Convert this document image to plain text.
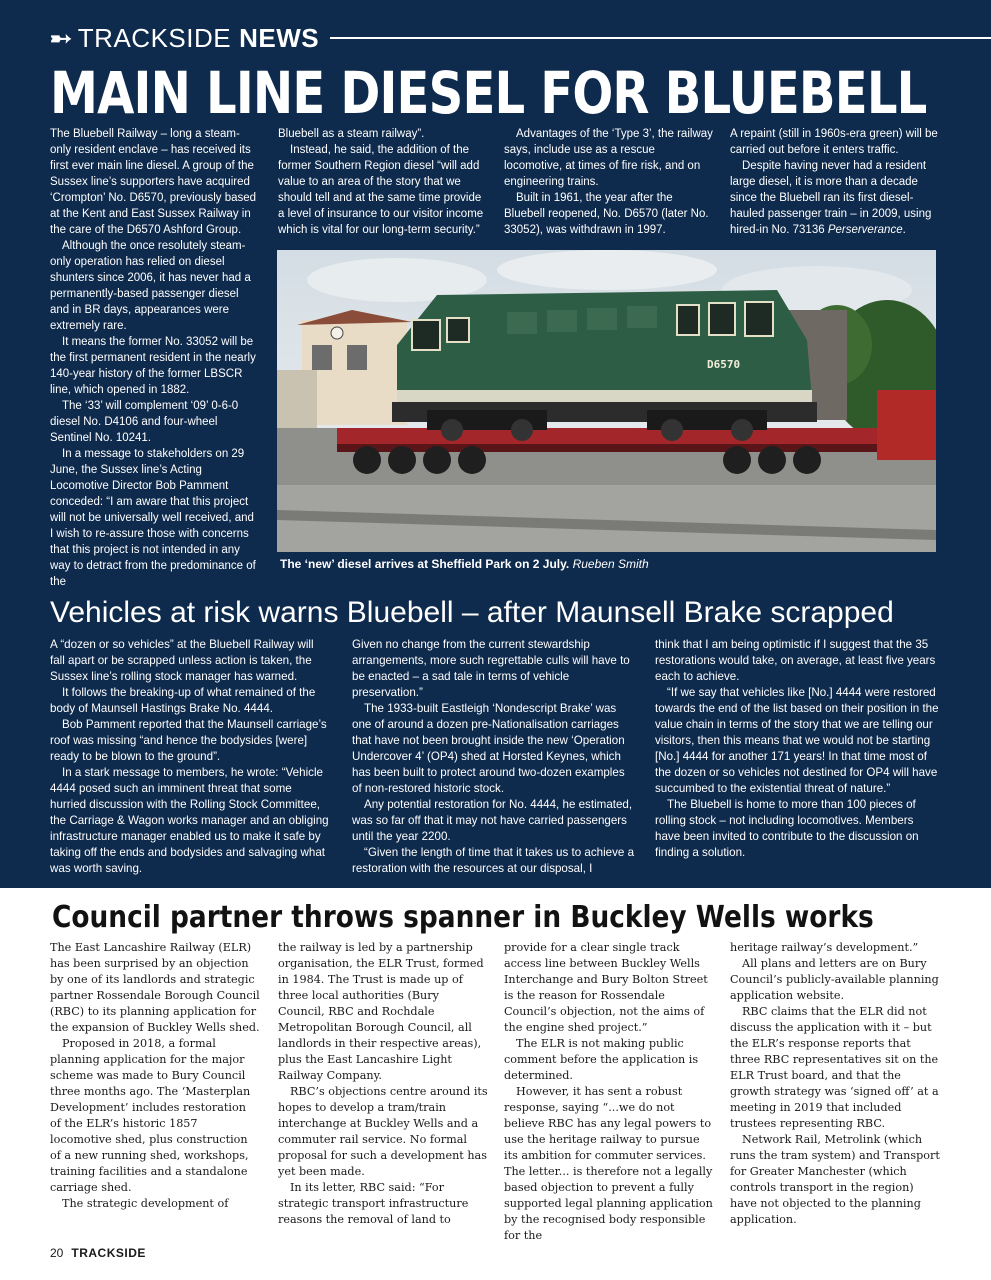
➸ TRACKSIDE NEWS
MAIN LINE DIESEL FOR BLUEBELL

The Bluebell Railway – long a steam-only resident enclave – has received its first ever main line diesel. A group of the Sussex line’s supporters have acquired ‘Crompton’ No. D6570, previously based at the Kent and East Sussex Railway in the care of the D6570 Ashford Group.

Although the once resolutely steam-only operation has relied on diesel shunters since 2006, it has never had a permanently-based passenger diesel and in BR days, appearances were extremely rare.

It means the former No. 33052 will be the first permanent resident in the nearly 140-year history of the former LBSCR line, which opened in 1882.

The ‘33’ will complement ‘09’ 0-6-0 diesel No. D4106 and four-wheel Sentinel No. 10241.

In a message to stakeholders on 29 June, the Sussex line’s Acting Locomotive Director Bob Pamment conceded: “I am aware that this project will not be universally well received, and I wish to re-assure those with concerns that this project is not intended in any way to detract from the predominance of the

Bluebell as a steam railway”.

Instead, he said, the addition of the former Southern Region diesel “will add value to an area of the story that we should tell and at the same time provide a level of insurance to our visitor income which is vital for our long-term security.”

Advantages of the ‘Type 3’, the railway says, include use as a rescue locomotive, at times of fire risk, and on engineering trains.

Built in 1961, the year after the Bluebell reopened, No. D6570 (later No. 33052), was withdrawn in 1997.

A repaint (still in 1960s-era green) will be carried out before it enters traffic.

Despite having never had a resident large diesel, it is more than a decade since the Bluebell ran its first diesel-hauled passenger train – in 2009, using hired-in No. 73136 Perserverance.

D6570
The ‘new’ diesel arrives at Sheffield Park on 2 July. Rueben Smith
Vehicles at risk warns Bluebell – after Maunsell Brake scrapped

A “dozen or so vehicles” at the Bluebell Railway will fall apart or be scrapped unless action is taken, the Sussex line’s rolling stock manager has warned.

It follows the breaking-up of what remained of the body of Maunsell Hastings Brake No. 4444.

Bob Pamment reported that the Maunsell carriage’s roof was missing “and hence the bodysides [were] ready to be blown to the ground”.

In a stark message to members, he wrote: “Vehicle 4444 posed such an imminent threat that some hurried discussion with the Rolling Stock Committee, the Carriage & Wagon works manager and an obliging infrastructure manager enabled us to make it safe by taking off the ends and bodysides and salvaging what was worth saving.

Given no change from the current stewardship arrangements, more such regrettable culls will have to be enacted – a sad tale in terms of vehicle preservation.”

The 1933-built Eastleigh ‘Nondescript Brake’ was one of around a dozen pre-Nationalisation carriages that have not been brought inside the new ‘Operation Undercover 4’ (OP4) shed at Horsted Keynes, which has been built to protect around two-dozen examples of non-restored historic stock.

Any potential restoration for No. 4444, he estimated, was so far off that it may not have carried passengers until the year 2200.

“Given the length of time that it takes us to achieve a restoration with the resources at our disposal, I

think that I am being optimistic if I suggest that the 35 restorations would take, on average, at least five years each to achieve.

“If we say that vehicles like [No.] 4444 were restored towards the end of the list based on their position in the value chain in terms of the story that we are telling our visitors, then this means that we would not be starting [No.] 4444 for another 171 years! In that time most of the dozen or so vehicles not destined for OP4 will have succumbed to the existential threat of nature.”

The Bluebell is home to more than 100 pieces of rolling stock – not including locomotives. Members have been invited to contribute to the discussion on finding a solution.

Council partner throws spanner in Buckley Wells works

The East Lancashire Railway (ELR) has been surprised by an objection by one of its landlords and strategic partner Rossendale Borough Council (RBC) to its planning application for the expansion of Buckley Wells shed.

Proposed in 2018, a formal planning application for the major scheme was made to Bury Council three months ago. The ‘Masterplan Development’ includes restoration of the ELR’s historic 1857 locomotive shed, plus construction of a new running shed, workshops, training facilities and a standalone carriage shed.

The strategic development of

the railway is led by a partnership organisation, the ELR Trust, formed in 1984. The Trust is made up of three local authorities (Bury Council, RBC and Rochdale Metropolitan Borough Council, all landlords in their respective areas), plus the East Lancashire Light Railway Company.

RBC’s objections centre around its hopes to develop a tram/train interchange at Buckley Wells and a commuter rail service. No formal proposal for such a development has yet been made.

In its letter, RBC said: “For strategic transport infrastructure reasons the removal of land to

provide for a clear single track access line between Buckley Wells Interchange and Bury Bolton Street is the reason for Rossendale Council’s objection, not the aims of the engine shed project.”

The ELR is not making public comment before the application is determined.

However, it has sent a robust response, saying “...we do not believe RBC has any legal powers to use the heritage railway to pursue its ambition for commuter services. The letter... is therefore not a legally based objection to prevent a fully supported legal planning application by the recognised body responsible for the

heritage railway’s development.”

All plans and letters are on Bury Council’s publicly-available planning application website.

RBC claims that the ELR did not discuss the application with it – but the ELR’s response reports that three RBC representatives sit on the ELR Trust board, and that the growth strategy was ‘signed off’ at a meeting in 2019 that included trustees representing RBC.

Network Rail, Metrolink (which runs the tram system) and Transport for Greater Manchester (which controls transport in the region) have not objected to the planning application.

20 TRACKSIDE
